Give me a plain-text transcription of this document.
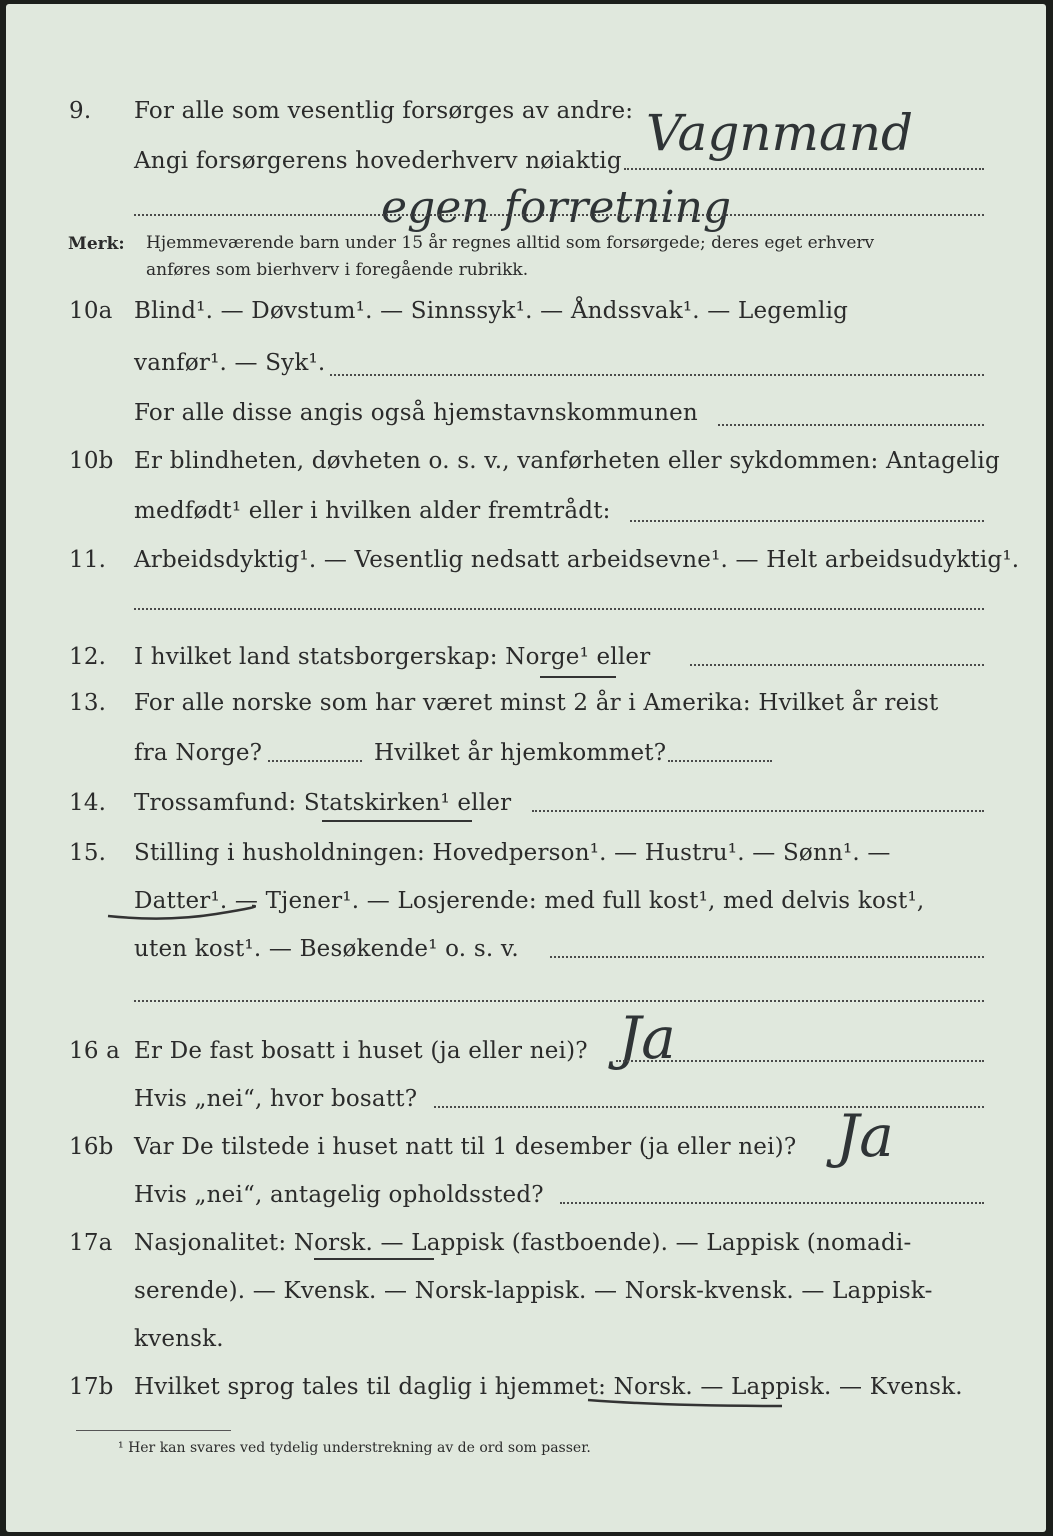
9. For alle som vesentlig forsørges av andre: Vagnmand
Angi forsørgerens hovederhverv nøiaktig
egen forretning
Merk: Hjemmeværende barn under 15 år regnes alltid som forsørgede; deres eget erhverv
anføres som bierhverv i foregående rubrikk.
10a Blind¹. — Døvstum¹. — Sinnssyk¹. — Åndssvak¹. — Legemlig
vanfør¹. — Syk¹.
For alle disse angis også hjemstavnskommunen
10b Er blindheten, døvheten o. s. v., vanførheten eller sykdommen: Antagelig
medfødt¹ eller i hvilken alder fremtrådt:
11. Arbeidsdyktig¹. — Vesentlig nedsatt arbeidsevne¹. — Helt arbeidsudyktig¹.
12. I hvilket land statsborgerskap: Norge¹ eller
13. For alle norske som har været minst 2 år i Amerika: Hvilket år reist
fra Norge?	Hvilket år hjemkommet?
14. Trossamfund: Statskirken¹ eller
15. Stilling i husholdningen: Hovedperson¹. — Hustru¹. — Sønn¹. —
Datter¹. — Tjener¹. — Losjerende: med full kost¹, med delvis kost¹,
uten kost¹. — Besøkende¹ o. s. v.
16 a Er De fast bosatt i huset (ja eller nei)? Ja
Hvis „nei“, hvor bosatt?
16b Var De tilstede i huset natt til 1 desember (ja eller nei)? Ja
Hvis „nei“, antagelig opholdssted?
17a Nasjonalitet: Norsk. — Lappisk (fastboende). — Lappisk (nomadi-
serende). — Kvensk. — Norsk-lappisk. — Norsk-kvensk. — Lappisk-
kvensk.
17b Hvilket sprog tales til daglig i hjemmet: Norsk. — Lappisk. — Kvensk.
¹ Her kan svares ved tydelig understrekning av de ord som passer.
